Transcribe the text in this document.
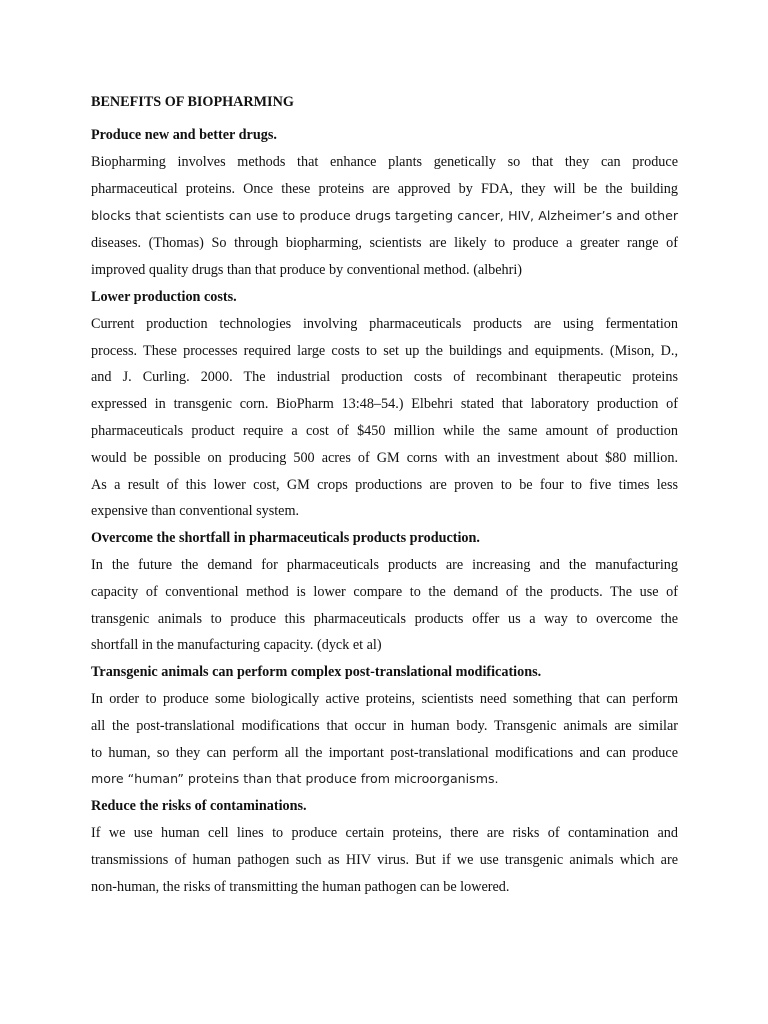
BENEFITS OF BIOPHARMING
Produce new and better drugs.
Biopharming involves methods that enhance plants genetically so that they can produce
pharmaceutical proteins. Once these proteins are approved by FDA, they will be the building
blocks that scientists can use to produce drugs targeting cancer, HIV, Alzheimer’s and other
diseases. (Thomas) So through biopharming, scientists are likely to produce a greater range of
improved quality drugs than that produce by conventional method. (albehri)
Lower production costs.
Current production technologies involving pharmaceuticals products are using fermentation
process. These processes required large costs to set up the buildings and equipments. (Mison, D.,
and J. Curling. 2000. The industrial production costs of recombinant therapeutic proteins
expressed in transgenic corn. BioPharm 13:48–54.) Elbehri stated that laboratory production of
pharmaceuticals product require a cost of $450 million while the same amount of production
would be possible on producing 500 acres of GM corns with an investment about $80 million.
As a result of this lower cost, GM crops productions are proven to be four to five times less
expensive than conventional system.
Overcome the shortfall in pharmaceuticals products production.
In the future the demand for pharmaceuticals products are increasing and the manufacturing
capacity of conventional method is lower compare to the demand of the products. The use of
transgenic animals to produce this pharmaceuticals products offer us a way to overcome the
shortfall in the manufacturing capacity. (dyck et al)
Transgenic animals can perform complex post-translational modifications.
In order to produce some biologically active proteins, scientists need something that can perform
all the post-translational modifications that occur in human body. Transgenic animals are similar
to human, so they can perform all the important post-translational modifications and can produce
more “human” proteins than that produce from microorganisms.
Reduce the risks of contaminations.
If we use human cell lines to produce certain proteins, there are risks of contamination and
transmissions of human pathogen such as HIV virus. But if we use transgenic animals which are
non-human, the risks of transmitting the human pathogen can be lowered.
